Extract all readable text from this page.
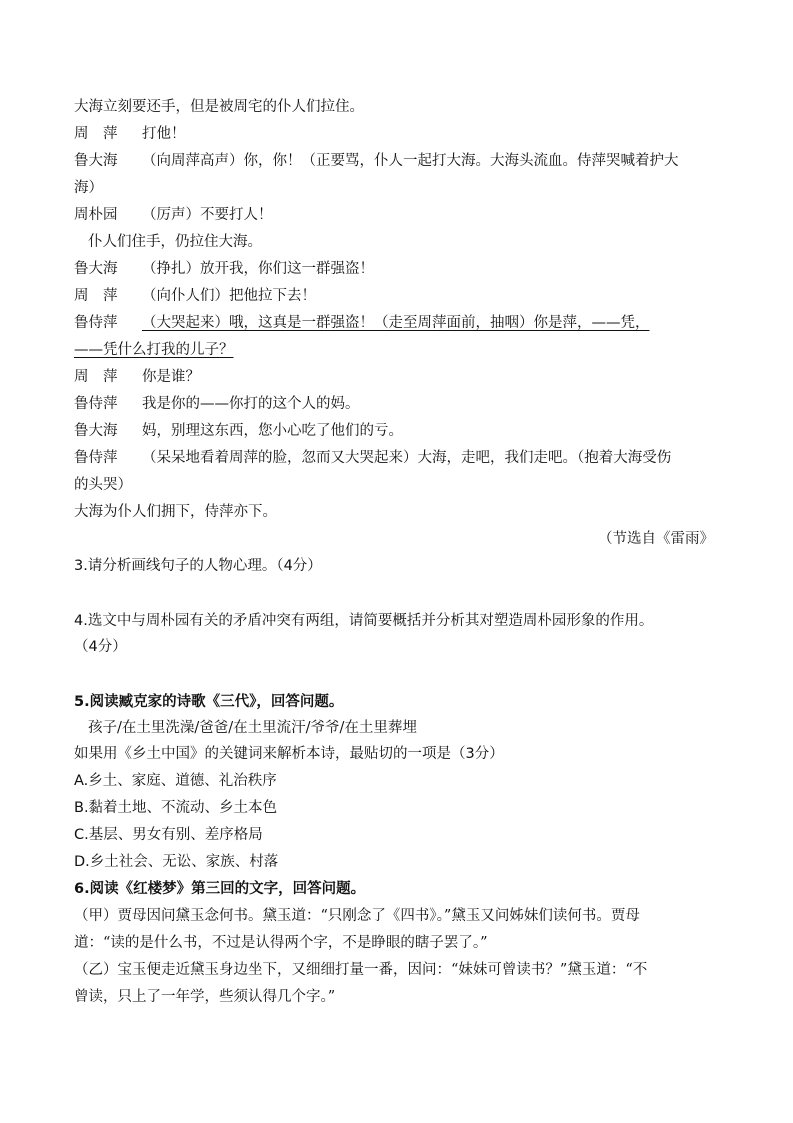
大海立刻要还手，但是被周宅的仆人们拉住。
周　萍 打他！
鲁大海 （向周萍高声）你，你！（正要骂，仆人一起打大海。大海头流血。侍萍哭喊着护大
海）
周朴园 （厉声）不要打人！
仆人们住手，仍拉住大海。
鲁大海 （挣扎）放开我，你们这一群强盗！
周　萍 （向仆人们）把他拉下去！
鲁侍萍 （大哭起来）哦，这真是一群强盗！（走至周萍面前，抽咽）你是萍，——凭，
——凭什么打我的儿子？
周　萍 你是谁？
鲁侍萍 我是你的——你打的这个人的妈。
鲁大海 妈，别理这东西，您小心吃了他们的亏。
鲁侍萍 （呆呆地看着周萍的脸，忽而又大哭起来）大海，走吧，我们走吧。（抱着大海受伤
的头哭）
大海为仆人们拥下，侍萍亦下。
（节选自《雷雨》
3.请分析画线句子的人物心理。（4分）
4.选文中与周朴园有关的矛盾冲突有两组，请简要概括并分析其对塑造周朴园形象的作用。
（4分）
5.阅读臧克家的诗歌《三代》，回答问题。
孩子/在土里洗澡/爸爸/在土里流汗/爷爷/在土里葬埋
如果用《乡土中国》的关键词来解析本诗，最贴切的一项是（3分）
A.乡土、家庭、道德、礼治秩序
B.黏着土地、不流动、乡土本色
C.基层、男女有别、差序格局
D.乡土社会、无讼、家族、村落
6.阅读《红楼梦》第三回的文字，回答问题。
（甲）贾母因问黛玉念何书。黛玉道：“只刚念了《四书》。”黛玉又问姊妹们读何书。贾母
道：“读的是什么书，不过是认得两个字，不是睁眼的瞎子罢了。”
（乙）宝玉便走近黛玉身边坐下，又细细打量一番，因问：“妹妹可曾读书？”黛玉道：“不
曾读，只上了一年学，些须认得几个字。”
